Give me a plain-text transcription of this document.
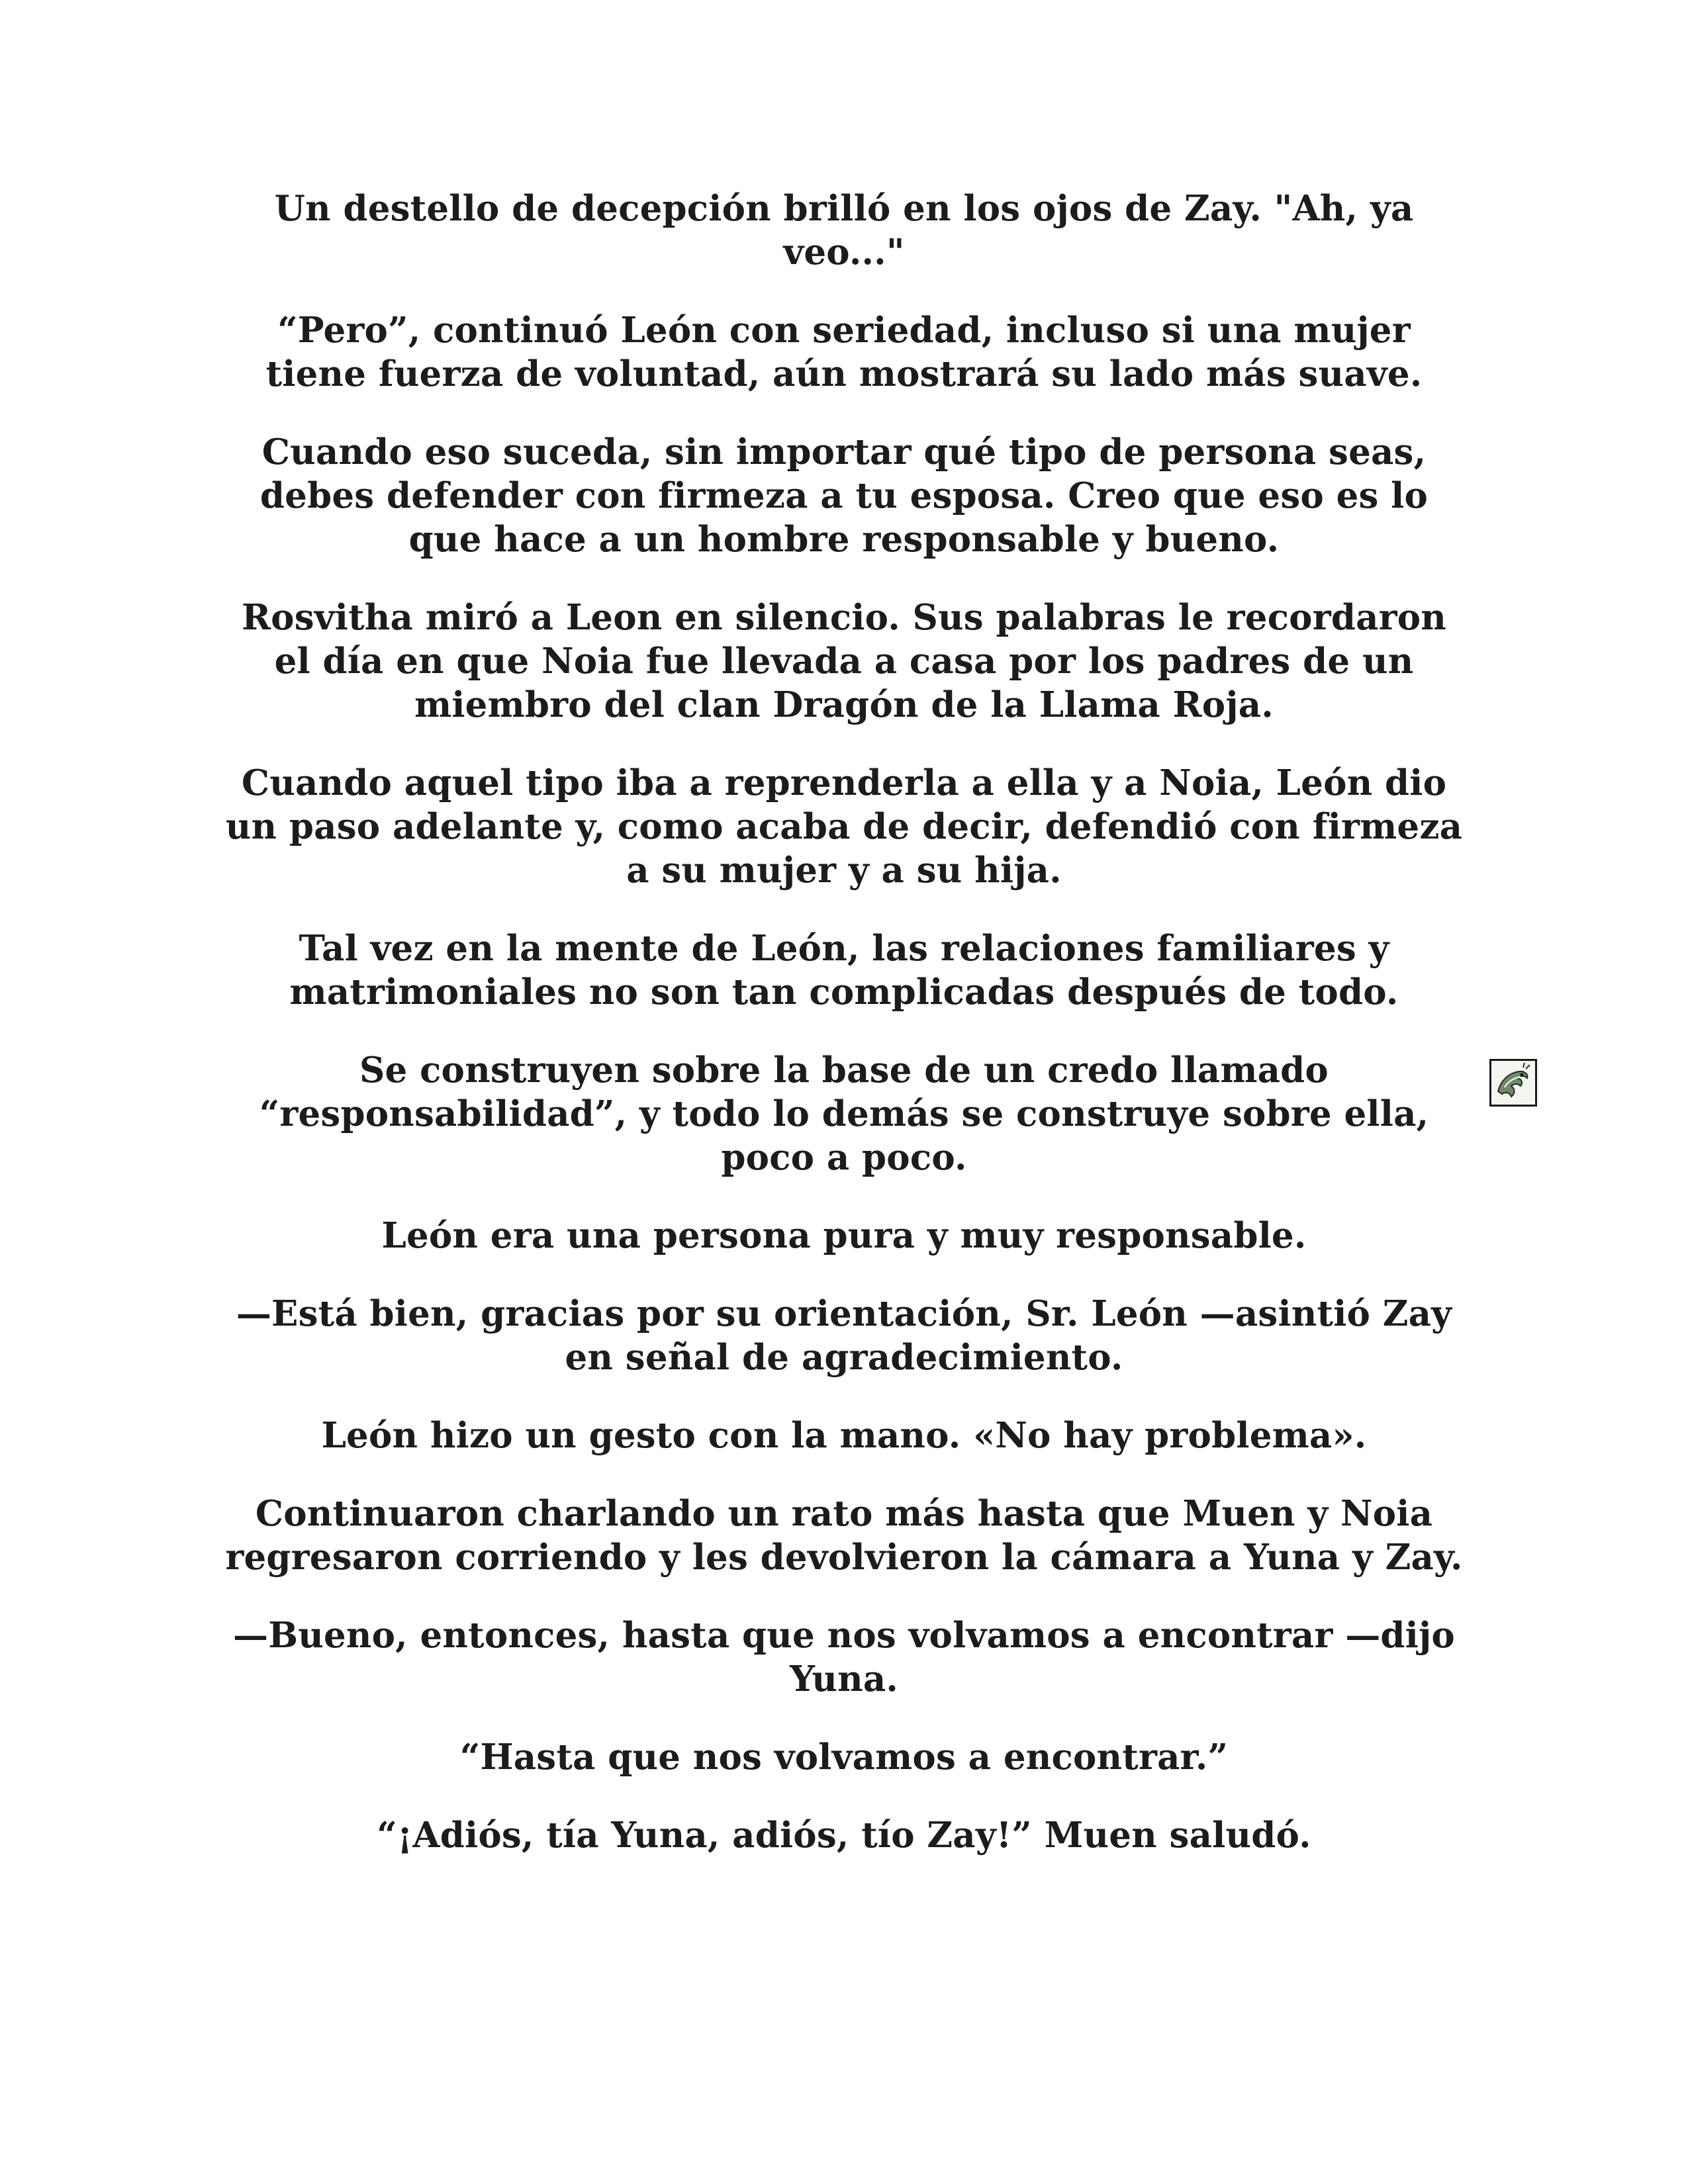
Un destello de decepción brilló en los ojos de Zay. "Ah, ya veo..."

“Pero”, continuó León con seriedad, incluso si una mujer tiene fuerza de voluntad, aún mostrará su lado más suave.

Cuando eso suceda, sin importar qué tipo de persona seas, debes defender con firmeza a tu esposa. Creo que eso es lo que hace a un hombre responsable y bueno.

Rosvitha miró a Leon en silencio. Sus palabras le recordaron el día en que Noia fue llevada a casa por los padres de un miembro del clan Dragón de la Llama Roja.

Cuando aquel tipo iba a reprenderla a ella y a Noia, León dio un paso adelante y, como acaba de decir, defendió con firmeza a su mujer y a su hija.

Tal vez en la mente de León, las relaciones familiares y matrimoniales no son tan complicadas después de todo.

Se construyen sobre la base de un credo llamado “responsabilidad”, y todo lo demás se construye sobre ella, poco a poco.

León era una persona pura y muy responsable.

—Está bien, gracias por su orientación, Sr. León —asintió Zay en señal de agradecimiento.

León hizo un gesto con la mano. «No hay problema».

Continuaron charlando un rato más hasta que Muen y Noia regresaron corriendo y les devolvieron la cámara a Yuna y Zay.

—Bueno, entonces, hasta que nos volvamos a encontrar —dijo Yuna.

“Hasta que nos volvamos a encontrar.”

“¡Adiós, tía Yuna, adiós, tío Zay!” Muen saludó.
